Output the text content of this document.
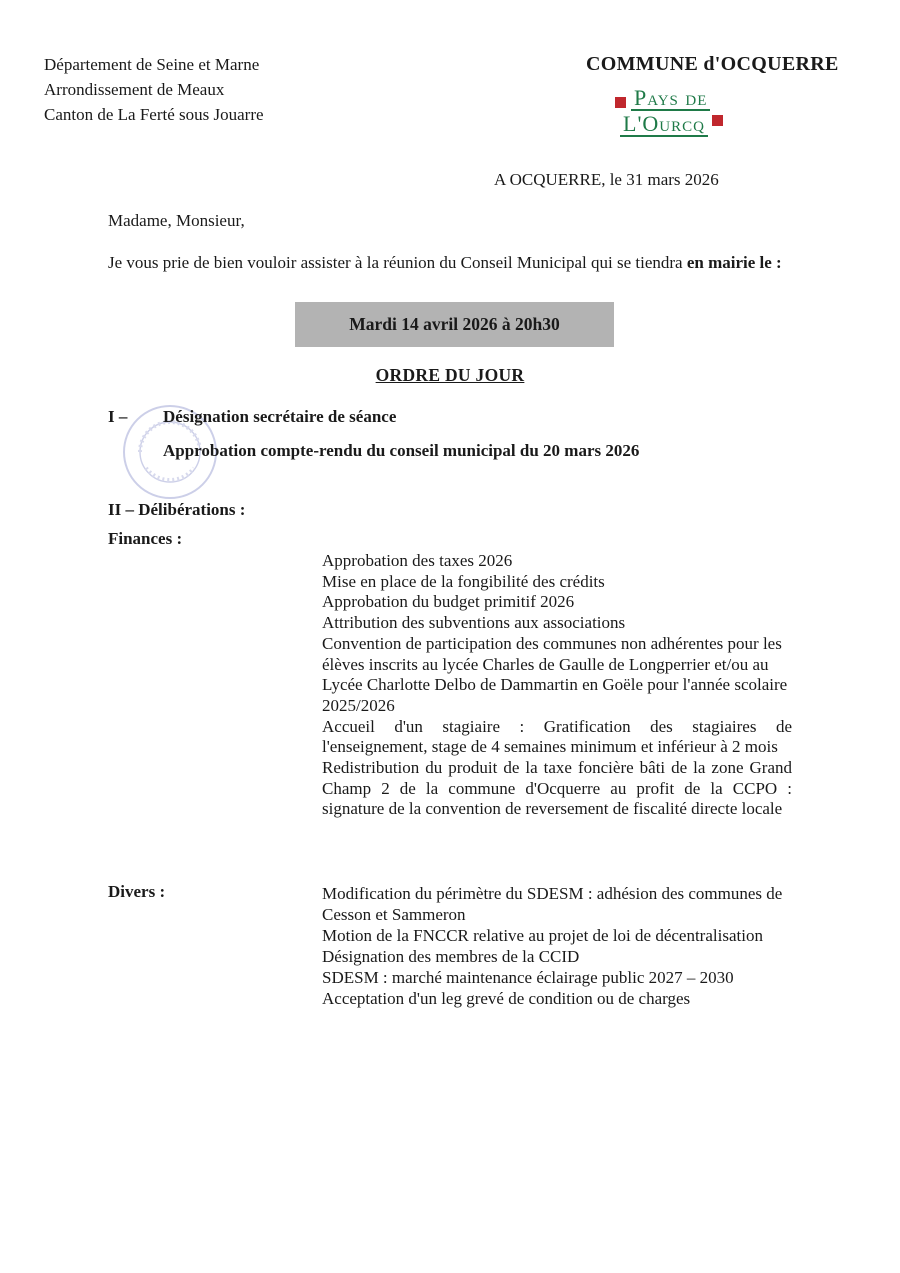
Département de Seine et Marne
Arrondissement de Meaux
Canton de La Ferté sous Jouarre
COMMUNE d'OCQUERRE
Pays de
L'Ourcq
A OCQUERRE, le 31 mars 2026
Madame, Monsieur,

Je vous prie de bien vouloir assister à la réunion du Conseil Municipal qui se tiendra en mairie le :

Mardi 14 avril 2026 à 20h30
ORDRE DU JOUR
I – Désignation secrétaire de séance
Approbation compte-rendu du conseil municipal du 20 mars 2026
II – Délibérations :
Finances :
Approbation des taxes 2026
Mise en place de la fongibilité des crédits
Approbation du budget primitif 2026
Attribution des subventions aux associations
Convention de participation des communes non adhérentes pour les élèves inscrits au lycée Charles de Gaulle de Longperrier et/ou au Lycée Charlotte Delbo de Dammartin en Goële pour l'année scolaire 2025/2026
Accueil d'un stagiaire : Gratification des stagiaires de l'enseignement, stage de 4 semaines minimum et inférieur à 2 mois
Redistribution du produit de la taxe foncière bâti de la zone Grand Champ 2 de la commune d'Ocquerre au profit de la CCPO : signature de la convention de reversement de fiscalité directe locale
Divers :	Modification du périmètre du SDESM : adhésion des communes de Cesson et Sammeron
Motion de la FNCCR relative au projet de loi de décentralisation
Désignation des membres de la CCID
SDESM : marché maintenance éclairage public 2027 – 2030
Acceptation d'un leg grevé de condition ou de charges
